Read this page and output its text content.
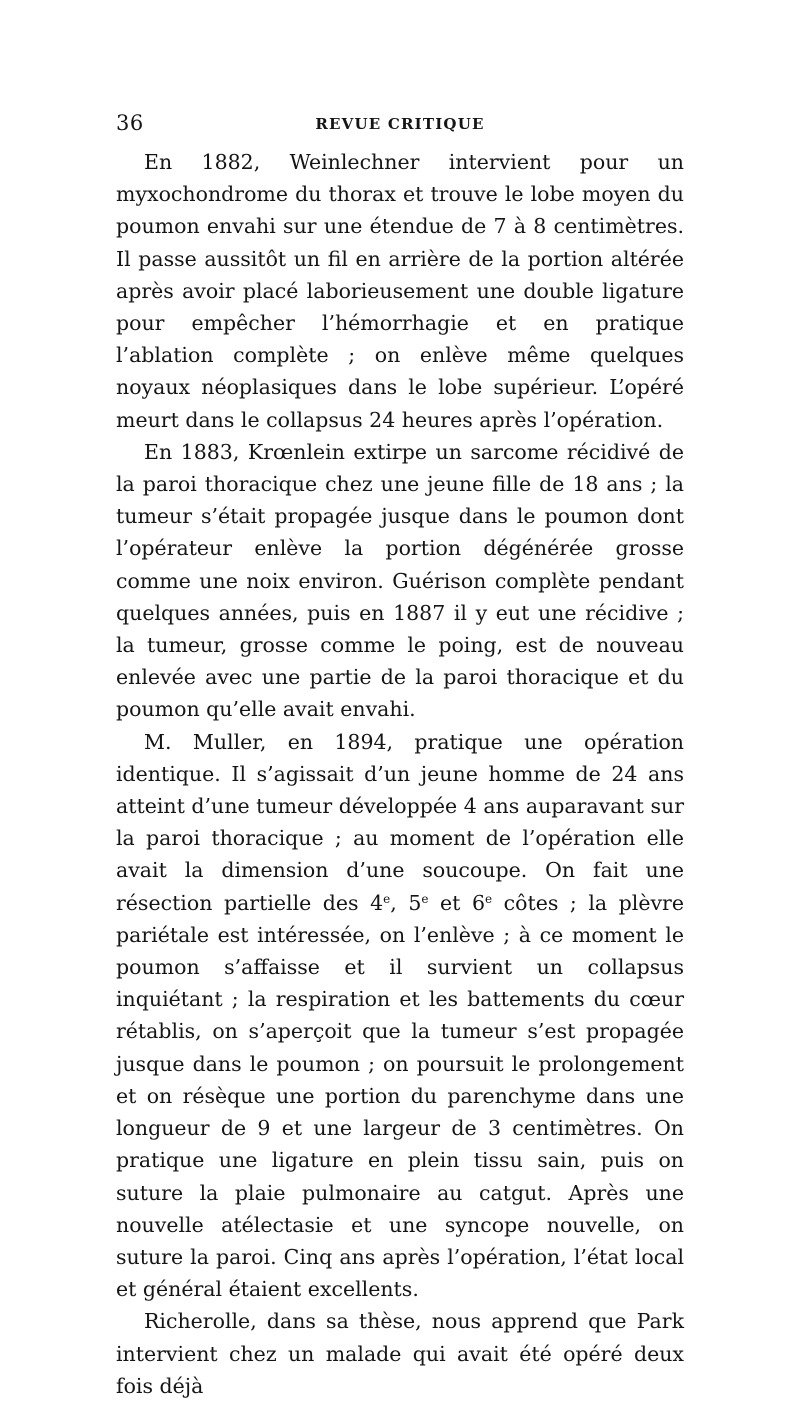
36	REVUE CRITIQUE

En 1882, Weinlechner intervient pour un myxochondrome du thorax et trouve le lobe moyen du poumon envahi sur une étendue de 7 à 8 centimètres. Il passe aussitôt un fil en arrière de la portion altérée après avoir placé laborieusement une double ligature pour empêcher l’hémorrhagie et en pratique l’ablation complète ; on enlève même quelques noyaux néoplasiques dans le lobe supérieur. L’opéré meurt dans le collapsus 24 heures après l’opération.

En 1883, Krœnlein extirpe un sarcome récidivé de la paroi thoracique chez une jeune fille de 18 ans ; la tumeur s’était propagée jusque dans le poumon dont l’opérateur enlève la portion dégénérée grosse comme une noix environ. Guérison complète pendant quelques années, puis en 1887 il y eut une récidive ; la tumeur, grosse comme le poing, est de nouveau enlevée avec une partie de la paroi thoracique et du poumon qu’elle avait envahi.

M. Muller, en 1894, pratique une opération identique. Il s’agissait d’un jeune homme de 24 ans atteint d’une tumeur développée 4 ans auparavant sur la paroi thoracique ; au moment de l’opération elle avait la dimension d’une soucoupe. On fait une résection partielle des 4e, 5e et 6e côtes ; la plèvre pariétale est intéressée, on l’enlève ; à ce moment le poumon s’affaisse et il survient un collapsus inquiétant ; la respiration et les battements du cœur rétablis, on s’aperçoit que la tumeur s’est propagée jusque dans le poumon ; on poursuit le prolongement et on résèque une portion du parenchyme dans une longueur de 9 et une largeur de 3 centimètres. On pratique une ligature en plein tissu sain, puis on suture la plaie pulmonaire au catgut. Après une nouvelle atélectasie et une syncope nouvelle, on suture la paroi. Cinq ans après l’opération, l’état local et général étaient excellents.

Richerolle, dans sa thèse, nous apprend que Park intervient chez un malade qui avait été opéré deux fois déjà
